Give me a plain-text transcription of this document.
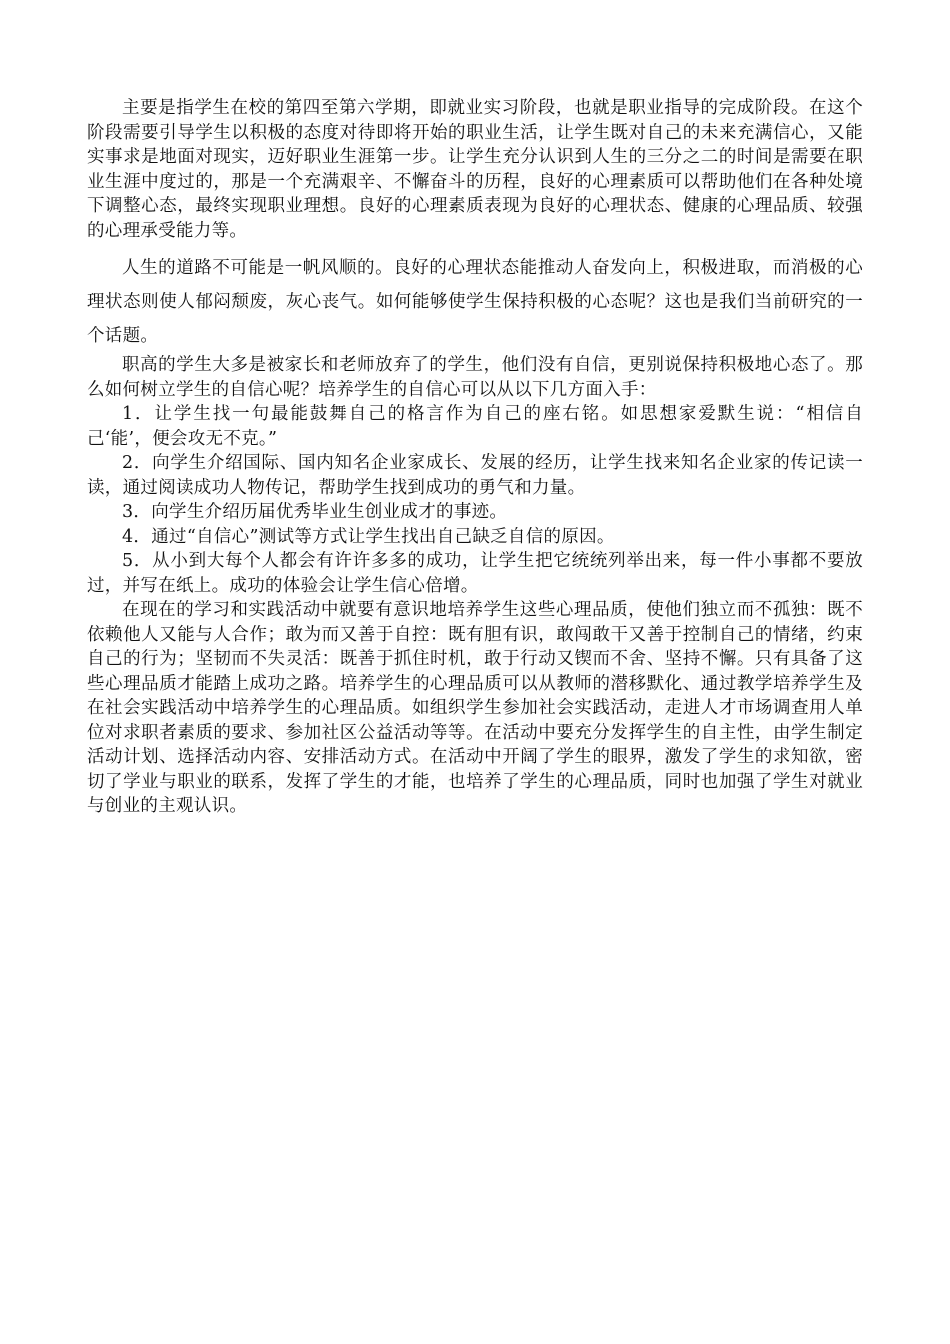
主要是指学生在校的第四至第六学期，即就业实习阶段，也就是职业指导的完成阶段。在这个阶段需要引导学生以积极的态度对待即将开始的职业生活，让学生既对自己的未来充满信心，又能实事求是地面对现实，迈好职业生涯第一步。让学生充分认识到人生的三分之二的时间是需要在职业生涯中度过的，那是一个充满艰辛、不懈奋斗的历程，良好的心理素质可以帮助他们在各种处境下调整心态，最终实现职业理想。良好的心理素质表现为良好的心理状态、健康的心理品质、较强的心理承受能力等。

人生的道路不可能是一帆风顺的。良好的心理状态能推动人奋发向上，积极进取，而消极的心理状态则使人郁闷颓废，灰心丧气。如何能够使学生保持积极的心态呢？这也是我们当前研究的一个话题。

职高的学生大多是被家长和老师放弃了的学生，他们没有自信，更别说保持积极地心态了。那么如何树立学生的自信心呢？培养学生的自信心可以从以下几方面入手：

1．让学生找一句最能鼓舞自己的格言作为自己的座右铭。如思想家爱默生说：“相信自己‘能’，便会攻无不克。”

2．向学生介绍国际、国内知名企业家成长、发展的经历，让学生找来知名企业家的传记读一读，通过阅读成功人物传记，帮助学生找到成功的勇气和力量。

3．向学生介绍历届优秀毕业生创业成才的事迹。

4．通过“自信心”测试等方式让学生找出自己缺乏自信的原因。

5．从小到大每个人都会有许许多多的成功，让学生把它统统列举出来，每一件小事都不要放过，并写在纸上。成功的体验会让学生信心倍增。

在现在的学习和实践活动中就要有意识地培养学生这些心理品质，使他们独立而不孤独：既不依赖他人又能与人合作；敢为而又善于自控：既有胆有识，敢闯敢干又善于控制自己的情绪，约束自己的行为；坚韧而不失灵活：既善于抓住时机，敢于行动又锲而不舍、坚持不懈。只有具备了这些心理品质才能踏上成功之路。培养学生的心理品质可以从教师的潜移默化、通过教学培养学生及在社会实践活动中培养学生的心理品质。如组织学生参加社会实践活动，走进人才市场调查用人单位对求职者素质的要求、参加社区公益活动等等。在活动中要充分发挥学生的自主性，由学生制定活动计划、选择活动内容、安排活动方式。在活动中开阔了学生的眼界，激发了学生的求知欲，密切了学业与职业的联系，发挥了学生的才能，也培养了学生的心理品质，同时也加强了学生对就业与创业的主观认识。
